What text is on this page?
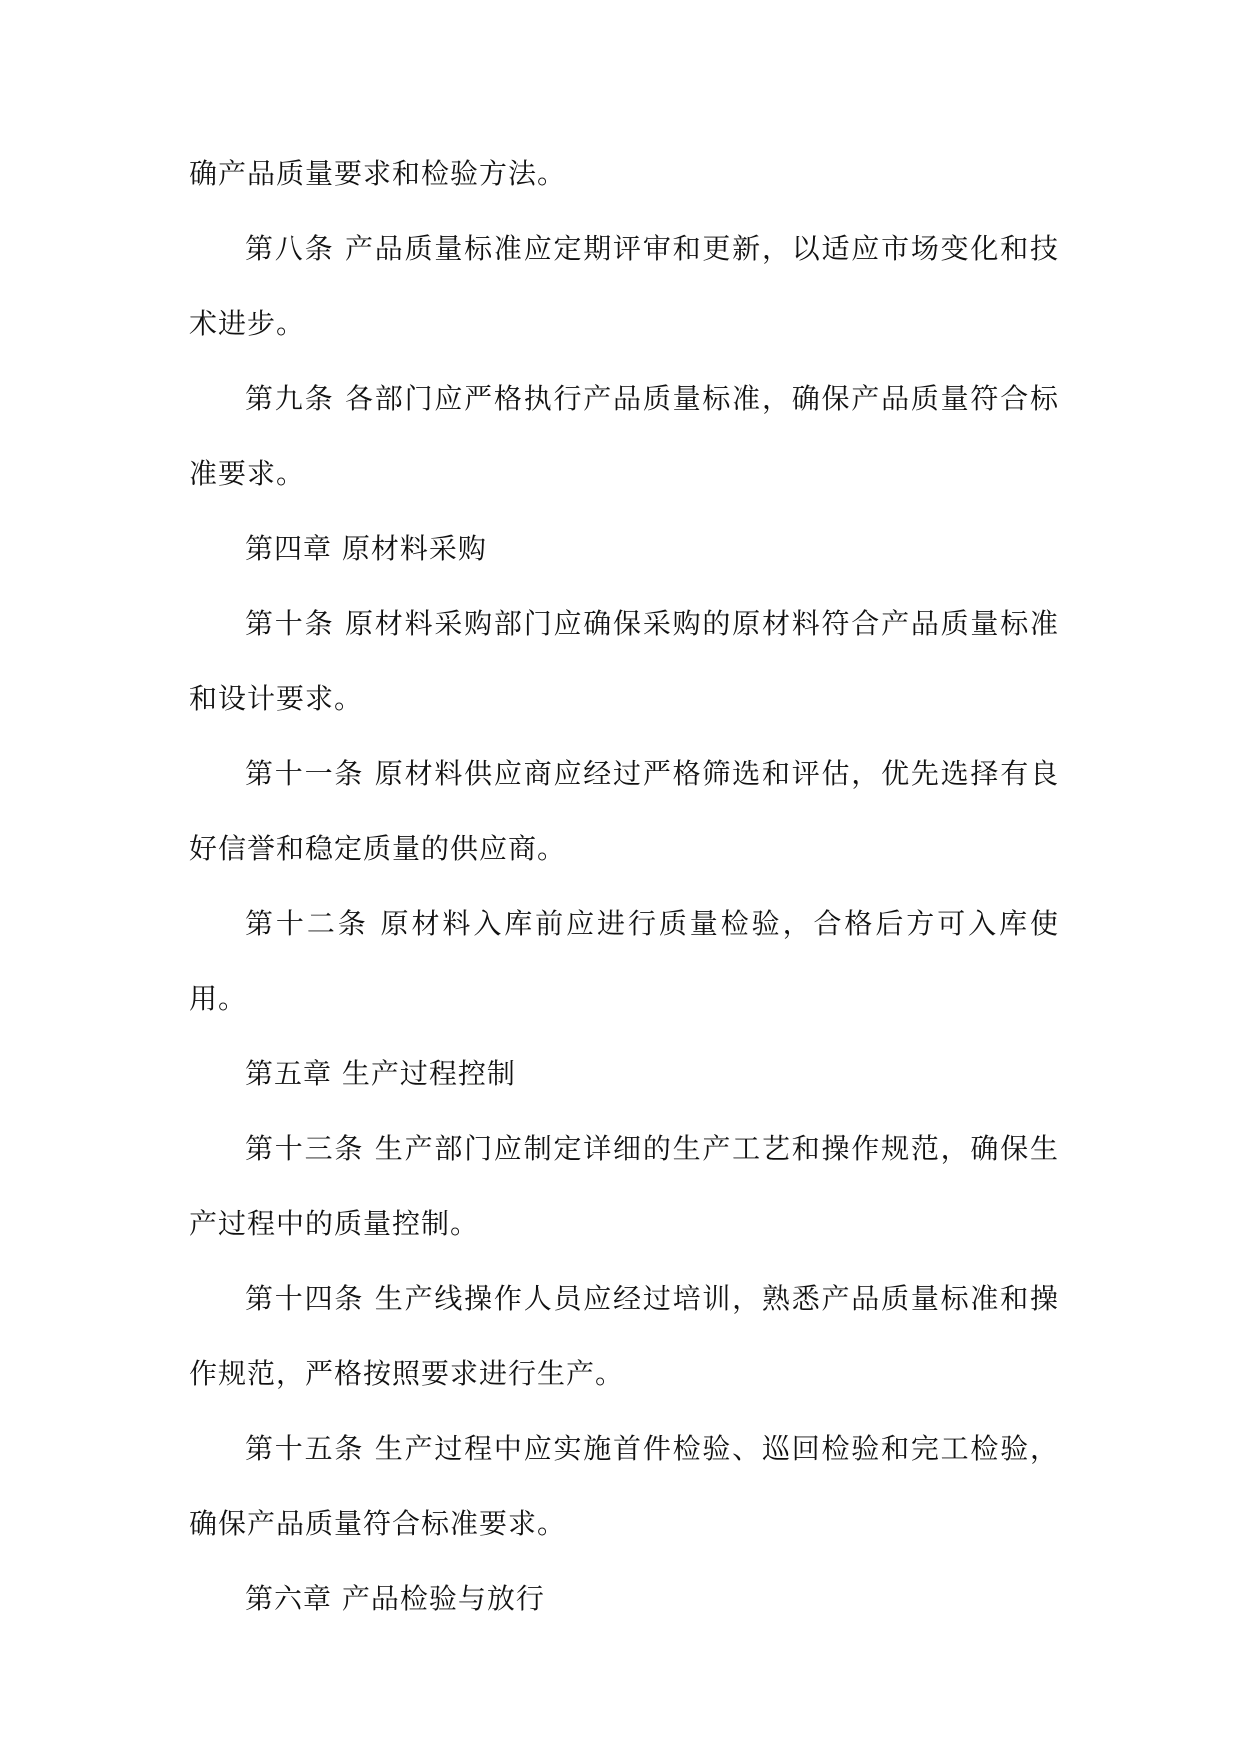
确产品质量要求和检验方法。

第八条 产品质量标准应定期评审和更新，以适应市场变化和技术进步。

第九条 各部门应严格执行产品质量标准，确保产品质量符合标准要求。

第四章 原材料采购

第十条 原材料采购部门应确保采购的原材料符合产品质量标准和设计要求。

第十一条 原材料供应商应经过严格筛选和评估，优先选择有良好信誉和稳定质量的供应商。

第十二条 原材料入库前应进行质量检验，合格后方可入库使用。

第五章 生产过程控制

第十三条 生产部门应制定详细的生产工艺和操作规范，确保生产过程中的质量控制。

第十四条 生产线操作人员应经过培训，熟悉产品质量标准和操作规范，严格按照要求进行生产。

第十五条 生产过程中应实施首件检验、巡回检验和完工检验，确保产品质量符合标准要求。

第六章 产品检验与放行
